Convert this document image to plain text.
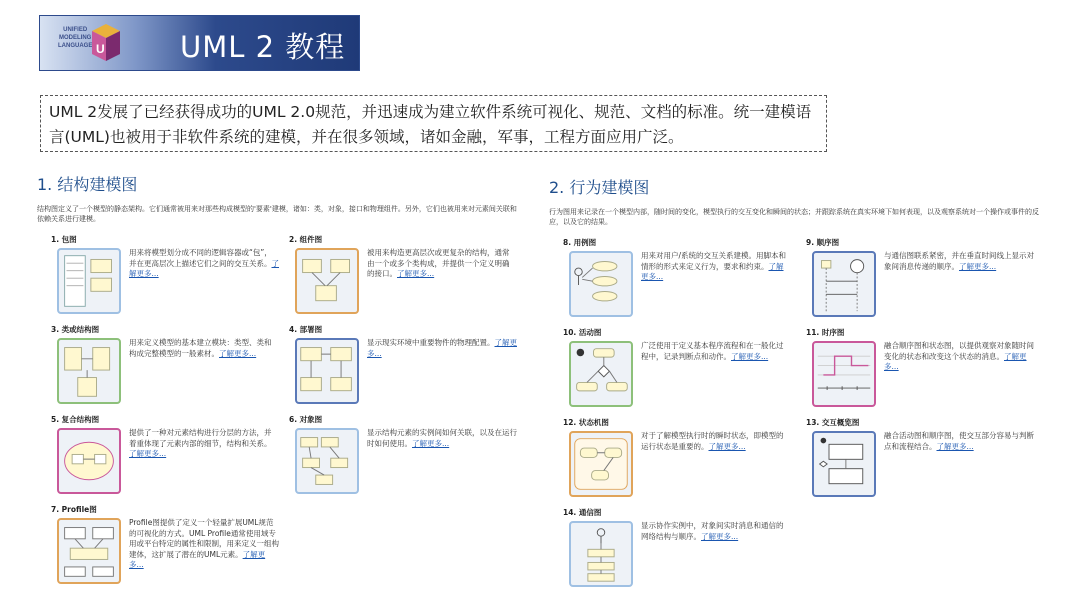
UNIFIED
MODELING
LANGUAGE U	UML 2 教程
UML 2发展了已经获得成功的UML 2.0规范，并迅速成为建立软件系统可视化、规范、文档的标准。统一建模语言(UML)也被用于非软件系统的建模，并在很多领域，诸如金融，军事，工程方面应用广泛。
1. 结构建模图
结构图定义了一个模型的静态架构。它们通常被用来对那些构成模型的'要素'建模，诸如：类，对象，接口和物理组件。另外，它们也被用来对元素间关联和依赖关系进行建模。
2. 行为建模图
行为图用来记录在一个模型内部，随时间的变化，模型执行的交互变化和瞬间的状态；并跟踪系统在真实环境下如何表现，以及观察系统对一个操作或事件的反应，以及它的结果。
1. 包图
用来将模型划分成不同的逻辑容器或“包”，并在更高层次上描述它们之间的交互关系。了解更多...
2. 组件图
被用来构造更高层次或更复杂的结构，通常由一个或多个类构成，并提供一个定义明确的接口。了解更多...
3. 类或结构图
用来定义模型的基本建立模块：类型、类和构成完整模型的一般素材。了解更多...
4. 部署图
显示现实环境中重要物件的物理配置。了解更多...
5. 复合结构图
提供了一种对元素结构进行分层的方法，并着重体现了元素内部的细节，结构和关系。了解更多...
6. 对象图
显示结构元素的实例间如何关联，以及在运行时如何使用。了解更多...
7. Profile图
Profile图提供了定义一个轻量扩展UML规范的可视化的方式。UML Profile通常使用域专用或平台特定的属性和限制，用来定义一组构建体，这扩展了潜在的UML元素。了解更多...
8. 用例图
用来对用户/系统的交互关系建模。用脚本和情形的形式来定义行为，要求和约束。了解更多...
9. 顺序图
与通信图联系紧密，并在垂直时间线上显示对象间消息传递的顺序。了解更多...
10. 活动图
广泛使用于定义基本程序流程和在一般化过程中，记录判断点和动作。了解更多...
11. 时序图
融合顺序图和状态图，以提供观察对象随时间变化的状态和改变这个状态的消息。了解更多...
12. 状态机图
对于了解模型执行时的瞬时状态，即模型的运行状态是重要的。了解更多...
13. 交互概览图
融合活动图和顺序图，使交互部分容易与判断点和流程结合。了解更多...
14. 通信图
显示协作实例中，对象间实时消息和通信的网络结构与顺序。了解更多...
